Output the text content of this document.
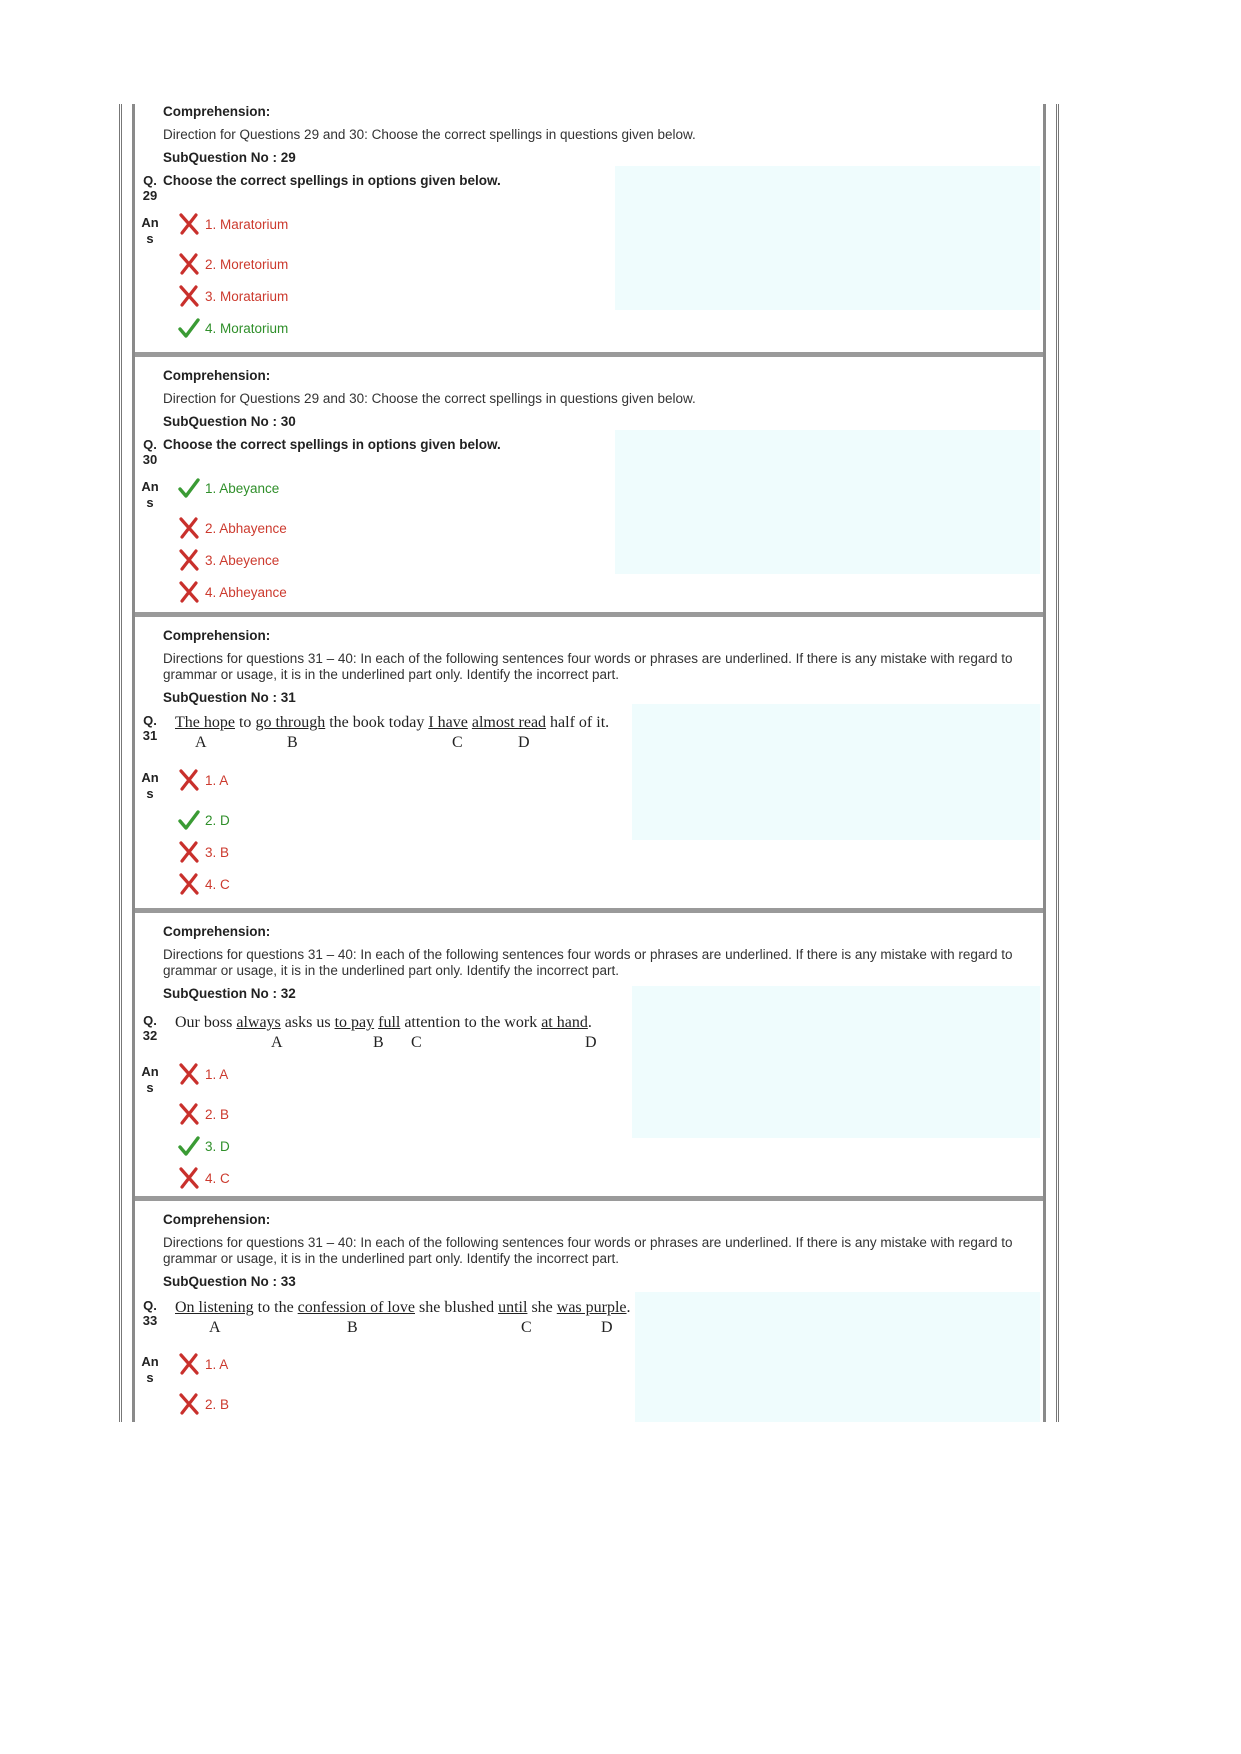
Comprehension:
Direction for Questions 29 and 30: Choose the correct spellings in questions given below.
SubQuestion No : 29
Q.
29
Choose the correct spellings in options given below.
An
s
1. Maratorium
2. Moretorium
3. Moratarium
4. Moratorium
Comprehension:
Direction for Questions 29 and 30: Choose the correct spellings in questions given below.
SubQuestion No : 30
Q.
30
Choose the correct spellings in options given below.
An
s
1. Abeyance
2. Abhayence
3. Abeyence
4. Abheyance
Comprehension:
Directions for questions 31 – 40: In each of the following sentences four words or phrases are underlined. If there is any mistake with regard to grammar or usage, it is in the underlined part only. Identify the incorrect part.
SubQuestion No : 31
Q.
31
The hope to go through the book today I have almost read half of it.
A	B	C	D
An
s
1. A
2. D
3. B
4. C
Comprehension:
Directions for questions 31 – 40: In each of the following sentences four words or phrases are underlined. If there is any mistake with regard to grammar or usage, it is in the underlined part only. Identify the incorrect part.
SubQuestion No : 32
Q.
32
Our boss always asks us to pay full attention to the work at hand.
A	B C	D
An
s
1. A
2. B
3. D
4. C
Comprehension:
Directions for questions 31 – 40: In each of the following sentences four words or phrases are underlined. If there is any mistake with regard to grammar or usage, it is in the underlined part only. Identify the incorrect part.
SubQuestion No : 33
Q.
33
On listening to the confession of love she blushed until she was purple.
A	B	C	D
An
s
1. A
2. B
